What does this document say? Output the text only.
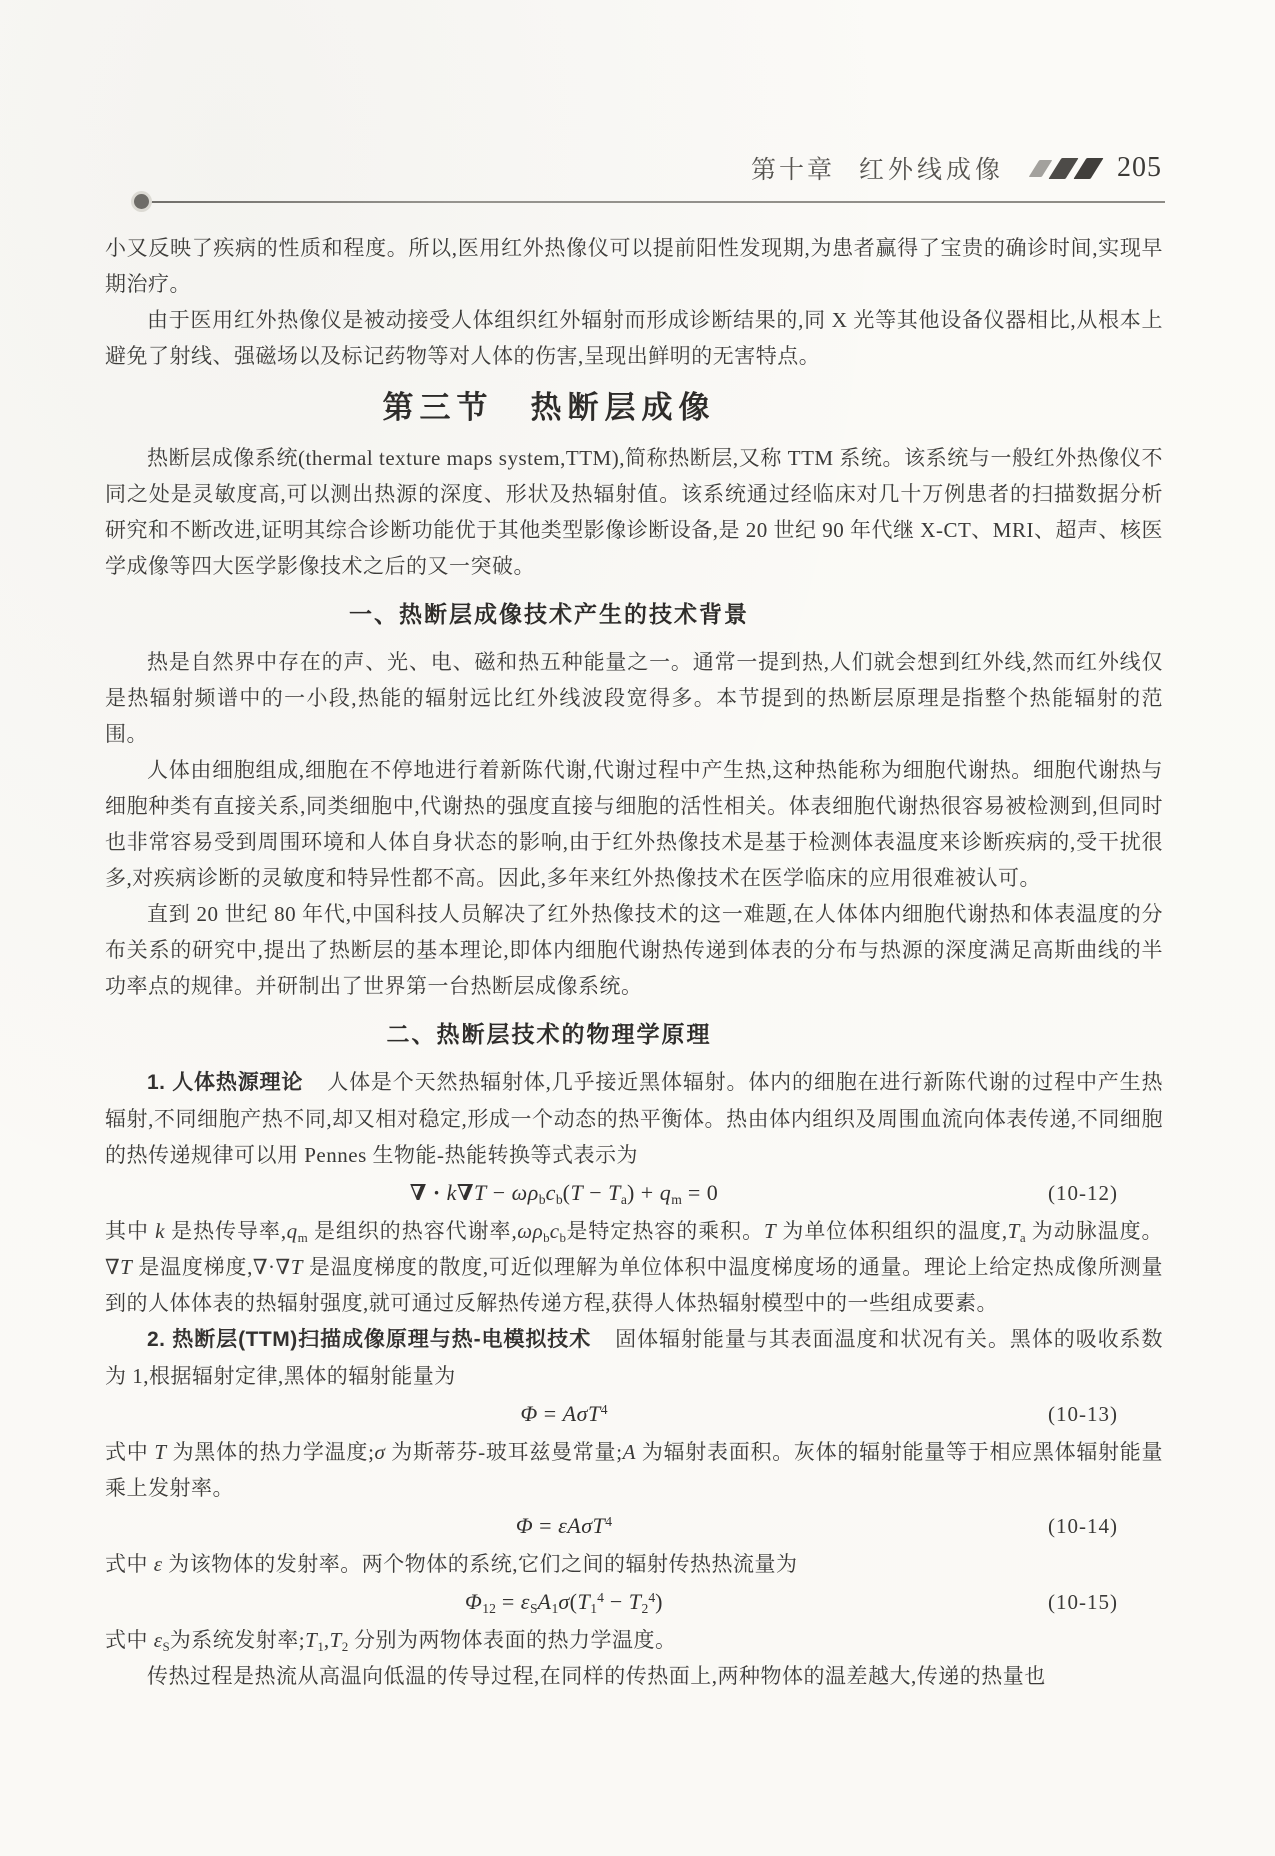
第十章 红外线成像	205

小又反映了疾病的性质和程度。所以,医用红外热像仪可以提前阳性发现期,为患者赢得了宝贵的确诊时间,实现早期治疗。

由于医用红外热像仪是被动接受人体组织红外辐射而形成诊断结果的,同 X 光等其他设备仪器相比,从根本上避免了射线、强磁场以及标记药物等对人体的伤害,呈现出鲜明的无害特点。

第三节　热断层成像

热断层成像系统(thermal texture maps system,TTM),简称热断层,又称 TTM 系统。该系统与一般红外热像仪不同之处是灵敏度高,可以测出热源的深度、形状及热辐射值。该系统通过经临床对几十万例患者的扫描数据分析研究和不断改进,证明其综合诊断功能优于其他类型影像诊断设备,是 20 世纪 90 年代继 X-CT、MRI、超声、核医学成像等四大医学影像技术之后的又一突破。

一、热断层成像技术产生的技术背景

热是自然界中存在的声、光、电、磁和热五种能量之一。通常一提到热,人们就会想到红外线,然而红外线仅是热辐射频谱中的一小段,热能的辐射远比红外线波段宽得多。本节提到的热断层原理是指整个热能辐射的范围。

人体由细胞组成,细胞在不停地进行着新陈代谢,代谢过程中产生热,这种热能称为细胞代谢热。细胞代谢热与细胞种类有直接关系,同类细胞中,代谢热的强度直接与细胞的活性相关。体表细胞代谢热很容易被检测到,但同时也非常容易受到周围环境和人体自身状态的影响,由于红外热像技术是基于检测体表温度来诊断疾病的,受干扰很多,对疾病诊断的灵敏度和特异性都不高。因此,多年来红外热像技术在医学临床的应用很难被认可。

直到 20 世纪 80 年代,中国科技人员解决了红外热像技术的这一难题,在人体体内细胞代谢热和体表温度的分布关系的研究中,提出了热断层的基本理论,即体内细胞代谢热传递到体表的分布与热源的深度满足高斯曲线的半功率点的规律。并研制出了世界第一台热断层成像系统。

二、热断层技术的物理学原理

1. 人体热源理论 人体是个天然热辐射体,几乎接近黑体辐射。体内的细胞在进行新陈代谢的过程中产生热辐射,不同细胞产热不同,却又相对稳定,形成一个动态的热平衡体。热由体内组织及周围血流向体表传递,不同细胞的热传递规律可以用 Pennes 生物能-热能转换等式表示为

∇ · $k\nabla T - \omega\rho_bc_b(T - T_a) + q_m = 0$	(10-12)

其中 k 是热传导率$,q_m$ 是组织的热容代谢率$,\omega\rho_bc_b$是特定热容的乘积。T 为单位体积组织的温度$,T_a$ 为动脉温度。∇T 是温度梯度,∇·∇T 是温度梯度的散度,可近似理解为单位体积中温度梯度场的通量。理论上给定热成像所测量到的人体体表的热辐射强度,就可通过反解热传递方程,获得人体热辐射模型中的一些组成要素。

2. 热断层(TTM)扫描成像原理与热-电模拟技术 固体辐射能量与其表面温度和状况有关。黑体的吸收系数为 1,根据辐射定律,黑体的辐射能量为

Φ = AσT$^4$	(10-13)

式中 T 为黑体的热力学温度;σ 为斯蒂芬-玻耳兹曼常量;A 为辐射表面积。灰体的辐射能量等于相应黑体辐射能量乘上发射率。

Φ = εAσT$^4$	(10-14)

式中 ε 为该物体的发射率。两个物体的系统,它们之间的辐射传热热流量为

$\Phi_{12} = \varepsilon_SA_1\sigma(T_1^4 - T_2^4)$	(10-15)

式中 $\varepsilon_S$为系统发射率$;T_1,T_2$ 分别为两物体表面的热力学温度。

传热过程是热流从高温向低温的传导过程,在同样的传热面上,两种物体的温差越大,传递的热量也
